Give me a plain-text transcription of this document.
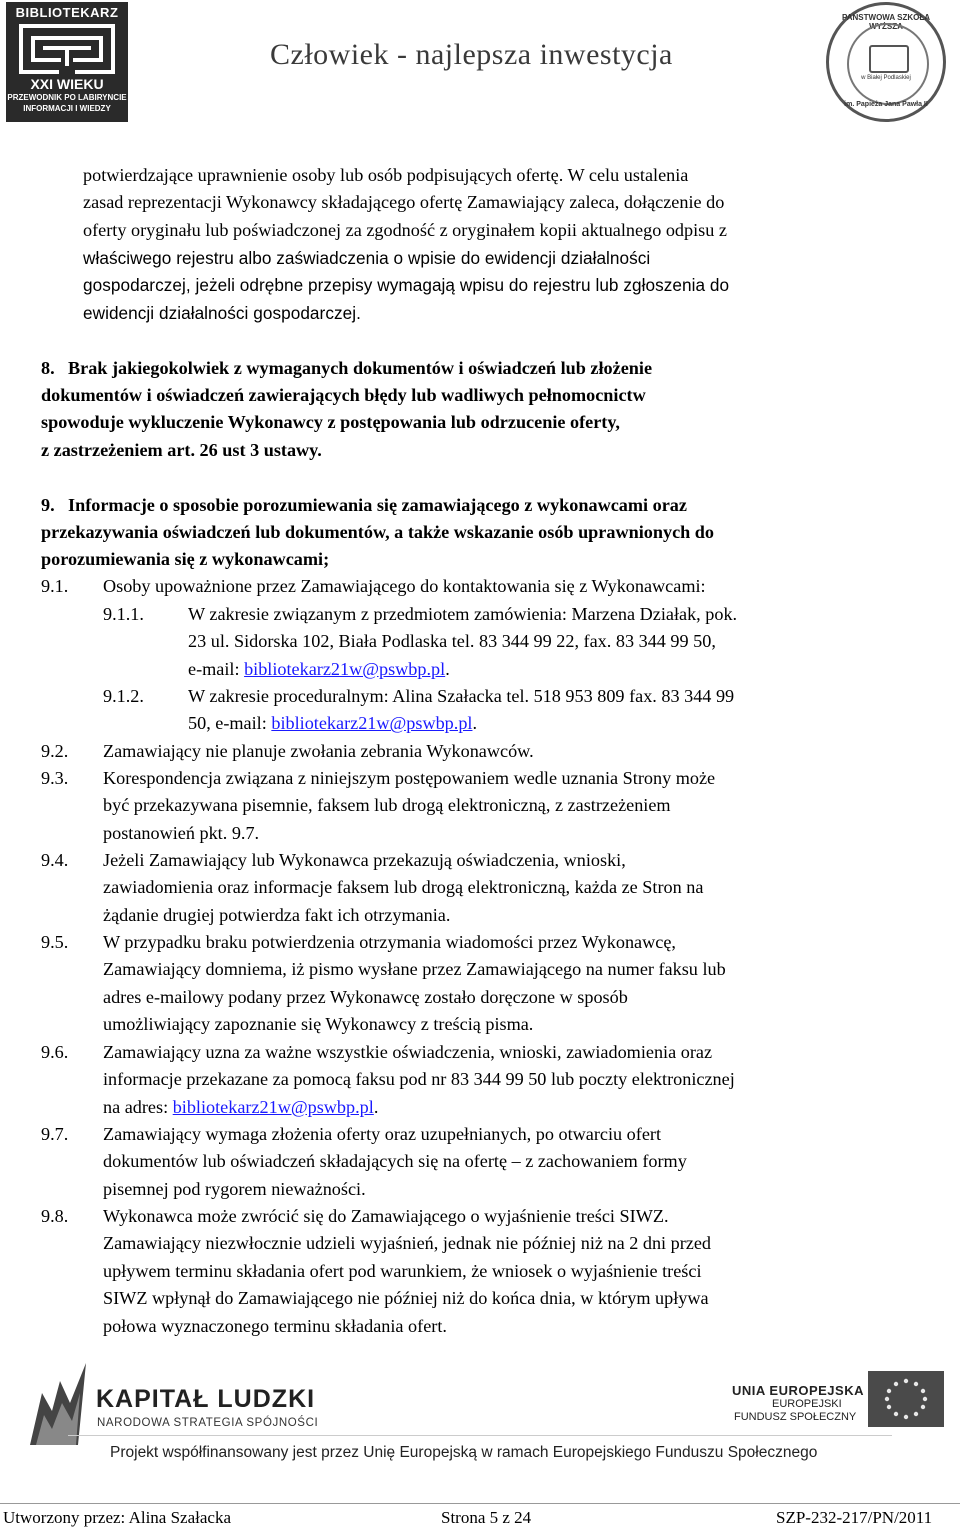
BIBLIOTEKARZ
XXI WIEKU
PRZEWODNIK PO LABIRYNCIE
INFORMACJI I WIEDZY
Człowiek - najlepsza inwestycja
PAŃSTWOWA SZKOŁA WYŻSZA
w Białej Podlaskiej
im. Papieża Jana Pawła II
potwierdzające uprawnienie osoby lub osób podpisujących ofertę. W celu ustalenia
zasad reprezentacji Wykonawcy składającego ofertę Zamawiający zaleca, dołączenie do
oferty oryginału lub poświadczonej za zgodność z oryginałem kopii aktualnego odpisu z
właściwego rejestru albo zaświadczenia o wpisie do ewidencji działalności
gospodarczej, jeżeli odrębne przepisy wymagają wpisu do rejestru lub zgłoszenia do
ewidencji działalności gospodarczej.
8. Brak jakiegokolwiek z wymaganych dokumentów i oświadczeń lub złożenie
dokumentów i oświadczeń zawierających błędy lub wadliwych pełnomocnictw
spowoduje wykluczenie Wykonawcy z postępowania lub odrzucenie oferty,
z zastrzeżeniem art. 26 ust 3 ustawy.
9. Informacje o sposobie porozumiewania się zamawiającego z wykonawcami oraz
przekazywania oświadczeń lub dokumentów, a także wskazanie osób uprawnionych do
porozumiewania się z wykonawcami;
9.1. Osoby upoważnione przez Zamawiającego do kontaktowania się z Wykonawcami:
9.1.1. W zakresie związanym z przedmiotem zamówienia: Marzena Działak, pok.
23 ul. Sidorska 102, Biała Podlaska tel. 83 344 99 22, fax. 83 344 99 50,
e-mail: bibliotekarz21w@pswbp.pl.
9.1.2. W zakresie proceduralnym: Alina Szałacka tel. 518 953 809 fax. 83 344 99
50, e-mail: bibliotekarz21w@pswbp.pl.
9.2. Zamawiający nie planuje zwołania zebrania Wykonawców.
9.3. Korespondencja związana z niniejszym postępowaniem wedle uznania Strony może
być przekazywana pisemnie, faksem lub drogą elektroniczną, z zastrzeżeniem
postanowień pkt. 9.7.
9.4. Jeżeli Zamawiający lub Wykonawca przekazują oświadczenia, wnioski,
zawiadomienia oraz informacje faksem lub drogą elektroniczną, każda ze Stron na
żądanie drugiej potwierdza fakt ich otrzymania.
9.5. W przypadku braku potwierdzenia otrzymania wiadomości przez Wykonawcę,
Zamawiający domniema, iż pismo wysłane przez Zamawiającego na numer faksu lub
adres e-mailowy podany przez Wykonawcę zostało doręczone w sposób
umożliwiający zapoznanie się Wykonawcy z treścią pisma.
9.6. Zamawiający uzna za ważne wszystkie oświadczenia, wnioski, zawiadomienia oraz
informacje przekazane za pomocą faksu pod nr 83 344 99 50 lub poczty elektronicznej
na adres: bibliotekarz21w@pswbp.pl.
9.7. Zamawiający wymaga złożenia oferty oraz uzupełnianych, po otwarciu ofert
dokumentów lub oświadczeń składających się na ofertę – z zachowaniem formy
pisemnej pod rygorem nieważności.
9.8. Wykonawca może zwrócić się do Zamawiającego o wyjaśnienie treści SIWZ.
Zamawiający niezwłocznie udzieli wyjaśnień, jednak nie później niż na 2 dni przed
upływem terminu składania ofert pod warunkiem, że wniosek o wyjaśnienie treści
SIWZ wpłynął do Zamawiającego nie później niż do końca dnia, w którym upływa
połowa wyznaczonego terminu składania ofert.
KAPITAŁ LUDZKI
NARODOWA STRATEGIA SPÓJNOŚCI
UNIA EUROPEJSKA
EUROPEJSKI
FUNDUSZ SPOŁECZNY
Projekt współfinansowany jest przez Unię Europejską w ramach Europejskiego Funduszu Społecznego
Utworzony przez: Alina Szałacka	Strona 5 z 24	SZP-232-217/PN/2011
